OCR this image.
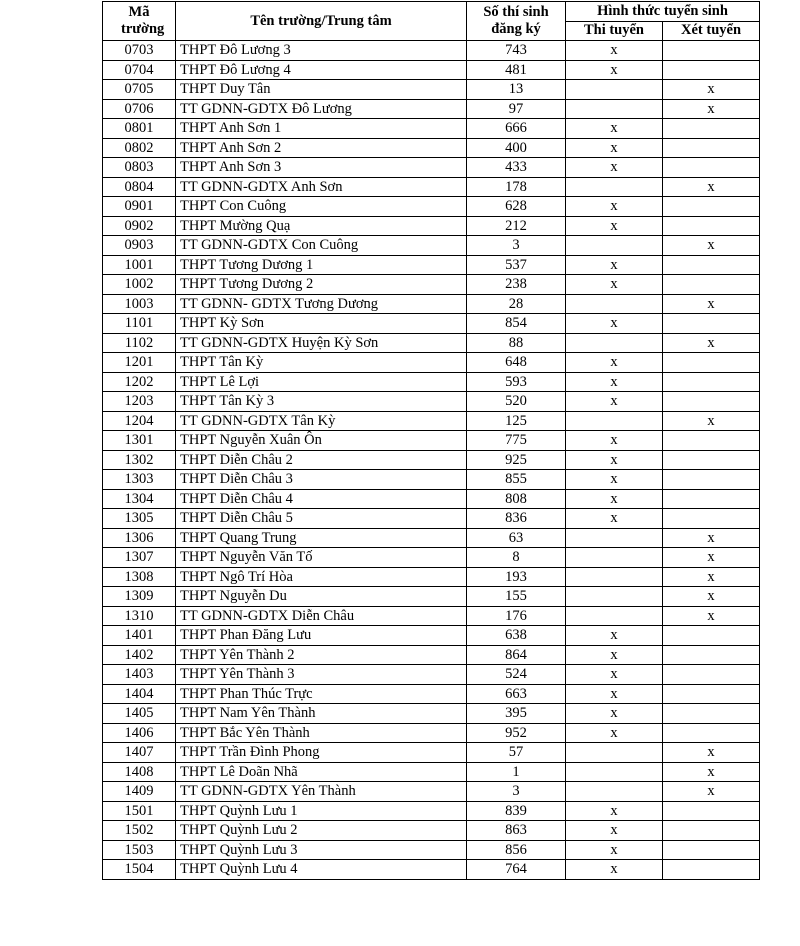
Mã trường	Tên trường/Trung tâm	Số thí sinh đăng ký	Hình thức tuyển sinh	
			Thi tuyển	Xét tuyển
0703	THPT Đô Lương 3	743	x	
0704	THPT Đô Lương 4	481	x	
0705	THPT Duy Tân	13		x
0706	TT GDNN-GDTX Đô Lương	97		x
0801	THPT Anh Sơn 1	666	x	
0802	THPT Anh Sơn 2	400	x	
0803	THPT Anh Sơn 3	433	x	
0804	TT GDNN-GDTX Anh Sơn	178		x
0901	THPT Con Cuông	628	x	
0902	THPT Mường Quạ	212	x	
0903	TT GDNN-GDTX Con Cuông	3		x
1001	THPT Tương Dương 1	537	x	
1002	THPT Tương Dương 2	238	x	
1003	TT GDNN- GDTX Tương Dương	28		x
1101	THPT Kỳ Sơn	854	x	
1102	TT GDNN-GDTX Huyện Kỳ Sơn	88		x
1201	THPT Tân Kỳ	648	x	
1202	THPT Lê Lợi	593	x	
1203	THPT Tân Kỳ 3	520	x	
1204	TT GDNN-GDTX Tân Kỳ	125		x
1301	THPT Nguyễn Xuân Ôn	775	x	
1302	THPT Diễn Châu 2	925	x	
1303	THPT Diễn Châu 3	855	x	
1304	THPT Diễn Châu 4	808	x	
1305	THPT Diễn Châu 5	836	x	
1306	THPT Quang Trung	63		x
1307	THPT Nguyễn Văn Tố	8		x
1308	THPT Ngô Trí Hòa	193		x
1309	THPT Nguyễn Du	155		x
1310	TT GDNN-GDTX Diễn Châu	176		x
1401	THPT Phan Đăng Lưu	638	x	
1402	THPT Yên Thành 2	864	x	
1403	THPT Yên Thành 3	524	x	
1404	THPT Phan Thúc Trực	663	x	
1405	THPT Nam Yên Thành	395	x	
1406	THPT Bắc Yên Thành	952	x	
1407	THPT Trần Đình Phong	57		x
1408	THPT Lê Doãn Nhã	1		x
1409	TT GDNN-GDTX Yên Thành	3		x
1501	THPT Quỳnh Lưu 1	839	x	
1502	THPT Quỳnh Lưu 2	863	x	
1503	THPT Quỳnh Lưu 3	856	x	
1504	THPT Quỳnh Lưu 4	764	x	
